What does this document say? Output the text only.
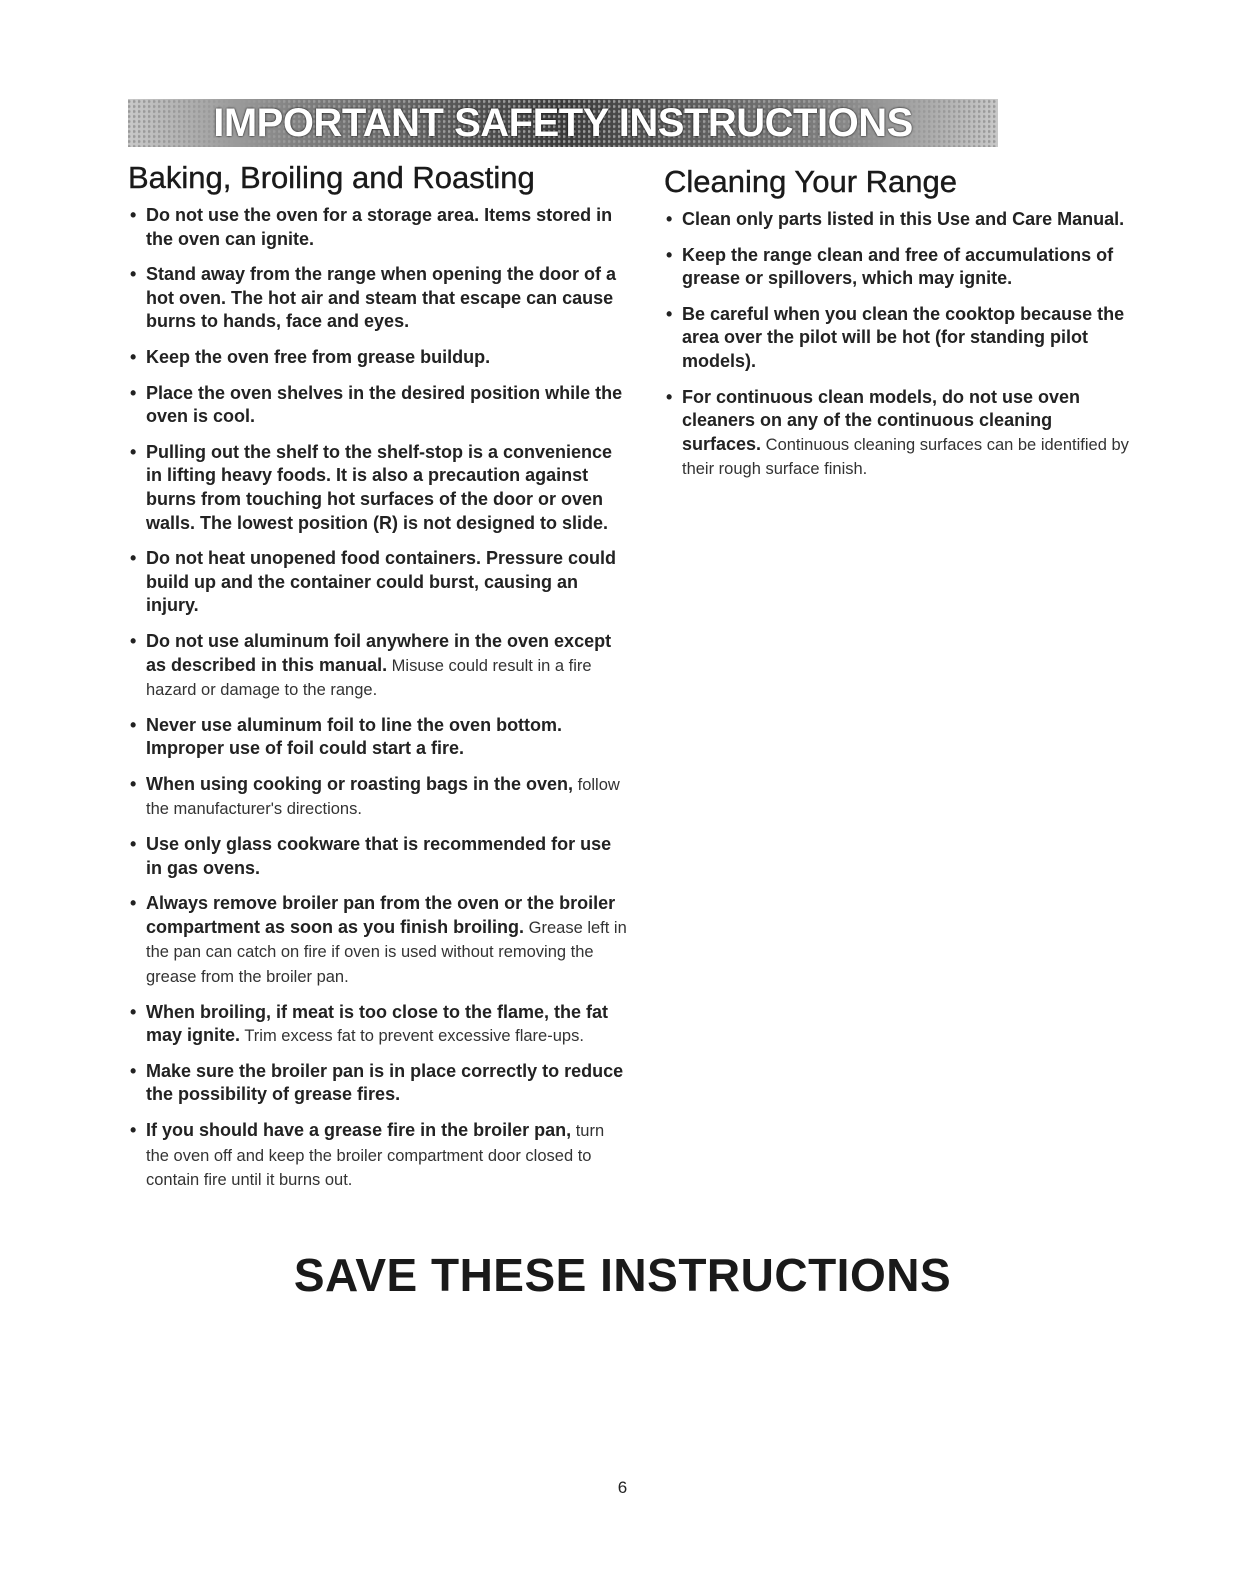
IMPORTANT SAFETY INSTRUCTIONS
Baking, Broiling and Roasting
• Do not use the oven for a storage area. Items stored in the oven can ignite.
• Stand away from the range when opening the door of a hot oven. The hot air and steam that escape can cause burns to hands, face and eyes.
• Keep the oven free from grease buildup.
• Place the oven shelves in the desired position while the oven is cool.
• Pulling out the shelf to the shelf-stop is a convenience in lifting heavy foods. It is also a precaution against burns from touching hot surfaces of the door or oven walls. The lowest position (R) is not designed to slide.
• Do not heat unopened food containers. Pressure could build up and the container could burst, causing an injury.
• Do not use aluminum foil anywhere in the oven except as described in this manual. Misuse could result in a fire hazard or damage to the range.
• Never use aluminum foil to line the oven bottom. Improper use of foil could start a fire.
• When using cooking or roasting bags in the oven, follow the manufacturer's directions.
• Use only glass cookware that is recommended for use in gas ovens.
• Always remove broiler pan from the oven or the broiler compartment as soon as you finish broiling. Grease left in the pan can catch on fire if oven is used without removing the grease from the broiler pan.
• When broiling, if meat is too close to the flame, the fat may ignite. Trim excess fat to prevent excessive flare-ups.
• Make sure the broiler pan is in place correctly to reduce the possibility of grease fires.
• If you should have a grease fire in the broiler pan, turn the oven off and keep the broiler compartment door closed to contain fire until it burns out.
Cleaning Your Range
• Clean only parts listed in this Use and Care Manual.
• Keep the range clean and free of accumulations of grease or spillovers, which may ignite.
• Be careful when you clean the cooktop because the area over the pilot will be hot (for standing pilot models).
• For continuous clean models, do not use oven cleaners on any of the continuous cleaning surfaces. Continuous cleaning surfaces can be identified by their rough surface finish.
SAVE THESE INSTRUCTIONS
6
